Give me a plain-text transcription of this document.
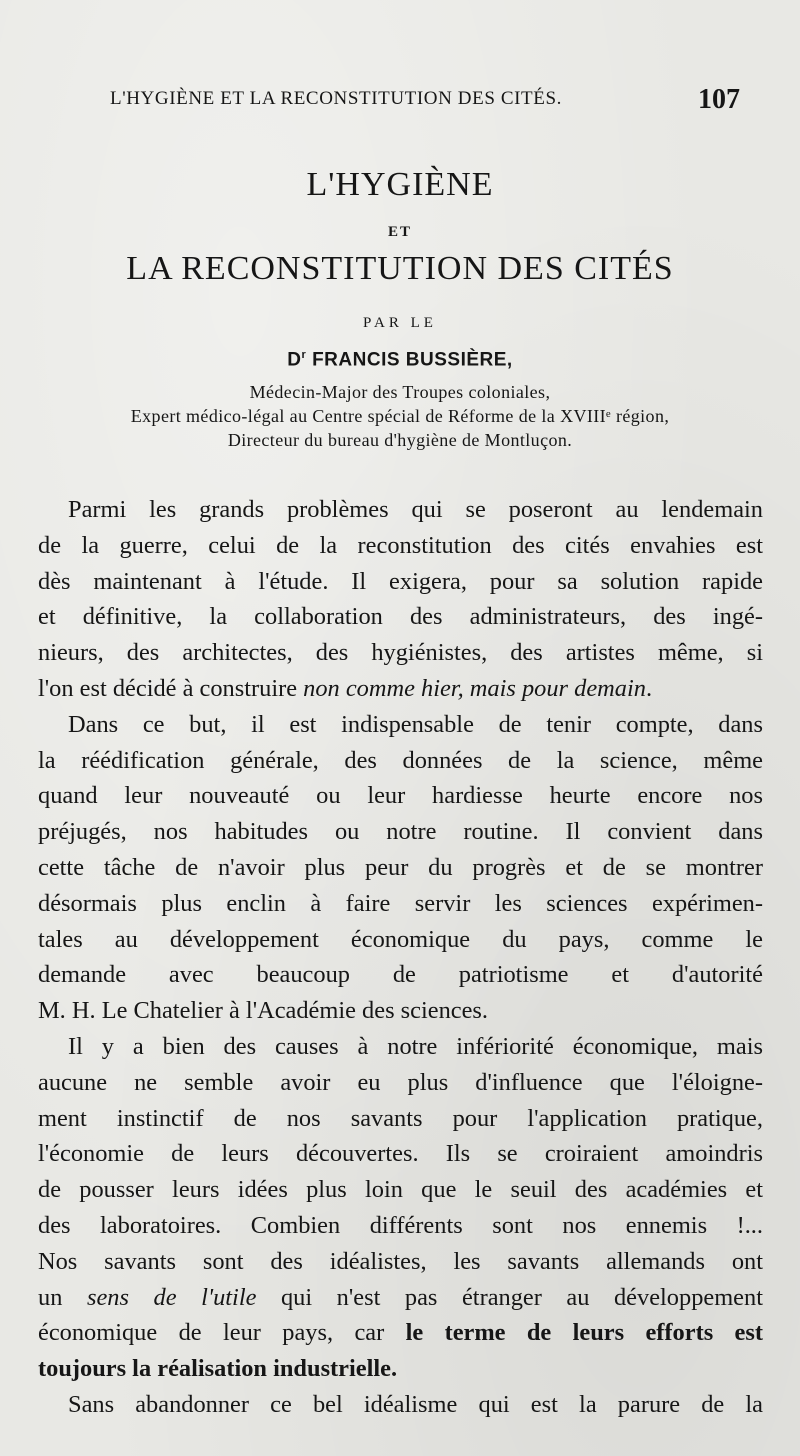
L'HYGIÈNE ET LA RECONSTITUTION DES CITÉS.	107
L'HYGIÈNE
ET
LA RECONSTITUTION DES CITÉS
PAR LE
$D^r$ FRANCIS BUSSIÈRE,
Médecin-Major des Troupes coloniales,
Expert médico-légal au Centre spécial de Réforme de la XVIIIᵉ région,
Directeur du bureau d'hygiène de Montluçon.
Parmi les grands problèmes qui se poseront au lendemain
de la guerre, celui de la reconstitution des cités envahies est
dès maintenant à l'étude. Il exigera, pour sa solution rapide
et définitive, la collaboration des administrateurs, des ingé-
nieurs, des architectes, des hygiénistes, des artistes même, si
l'on est décidé à construire non comme hier, mais pour demain.
Dans ce but, il est indispensable de tenir compte, dans
la réédification générale, des données de la science, même
quand leur nouveauté ou leur hardiesse heurte encore nos
préjugés, nos habitudes ou notre routine. Il convient dans
cette tâche de n'avoir plus peur du progrès et de se montrer
désormais plus enclin à faire servir les sciences expérimen-
tales au développement économique du pays, comme le
demande avec beaucoup de patriotisme et d'autorité
M. H. Le Chatelier à l'Académie des sciences.
Il y a bien des causes à notre infériorité économique, mais
aucune ne semble avoir eu plus d'influence que l'éloigne-
ment instinctif de nos savants pour l'application pratique,
l'économie de leurs découvertes. Ils se croiraient amoindris
de pousser leurs idées plus loin que le seuil des académies et
des laboratoires. Combien différents sont nos ennemis !...
Nos savants sont des idéalistes, les savants allemands ont
un sens de l'utile qui n'est pas étranger au développement
économique de leur pays, car le terme de leurs efforts est
toujours la réalisation industrielle.
Sans abandonner ce bel idéalisme qui est la parure de la
